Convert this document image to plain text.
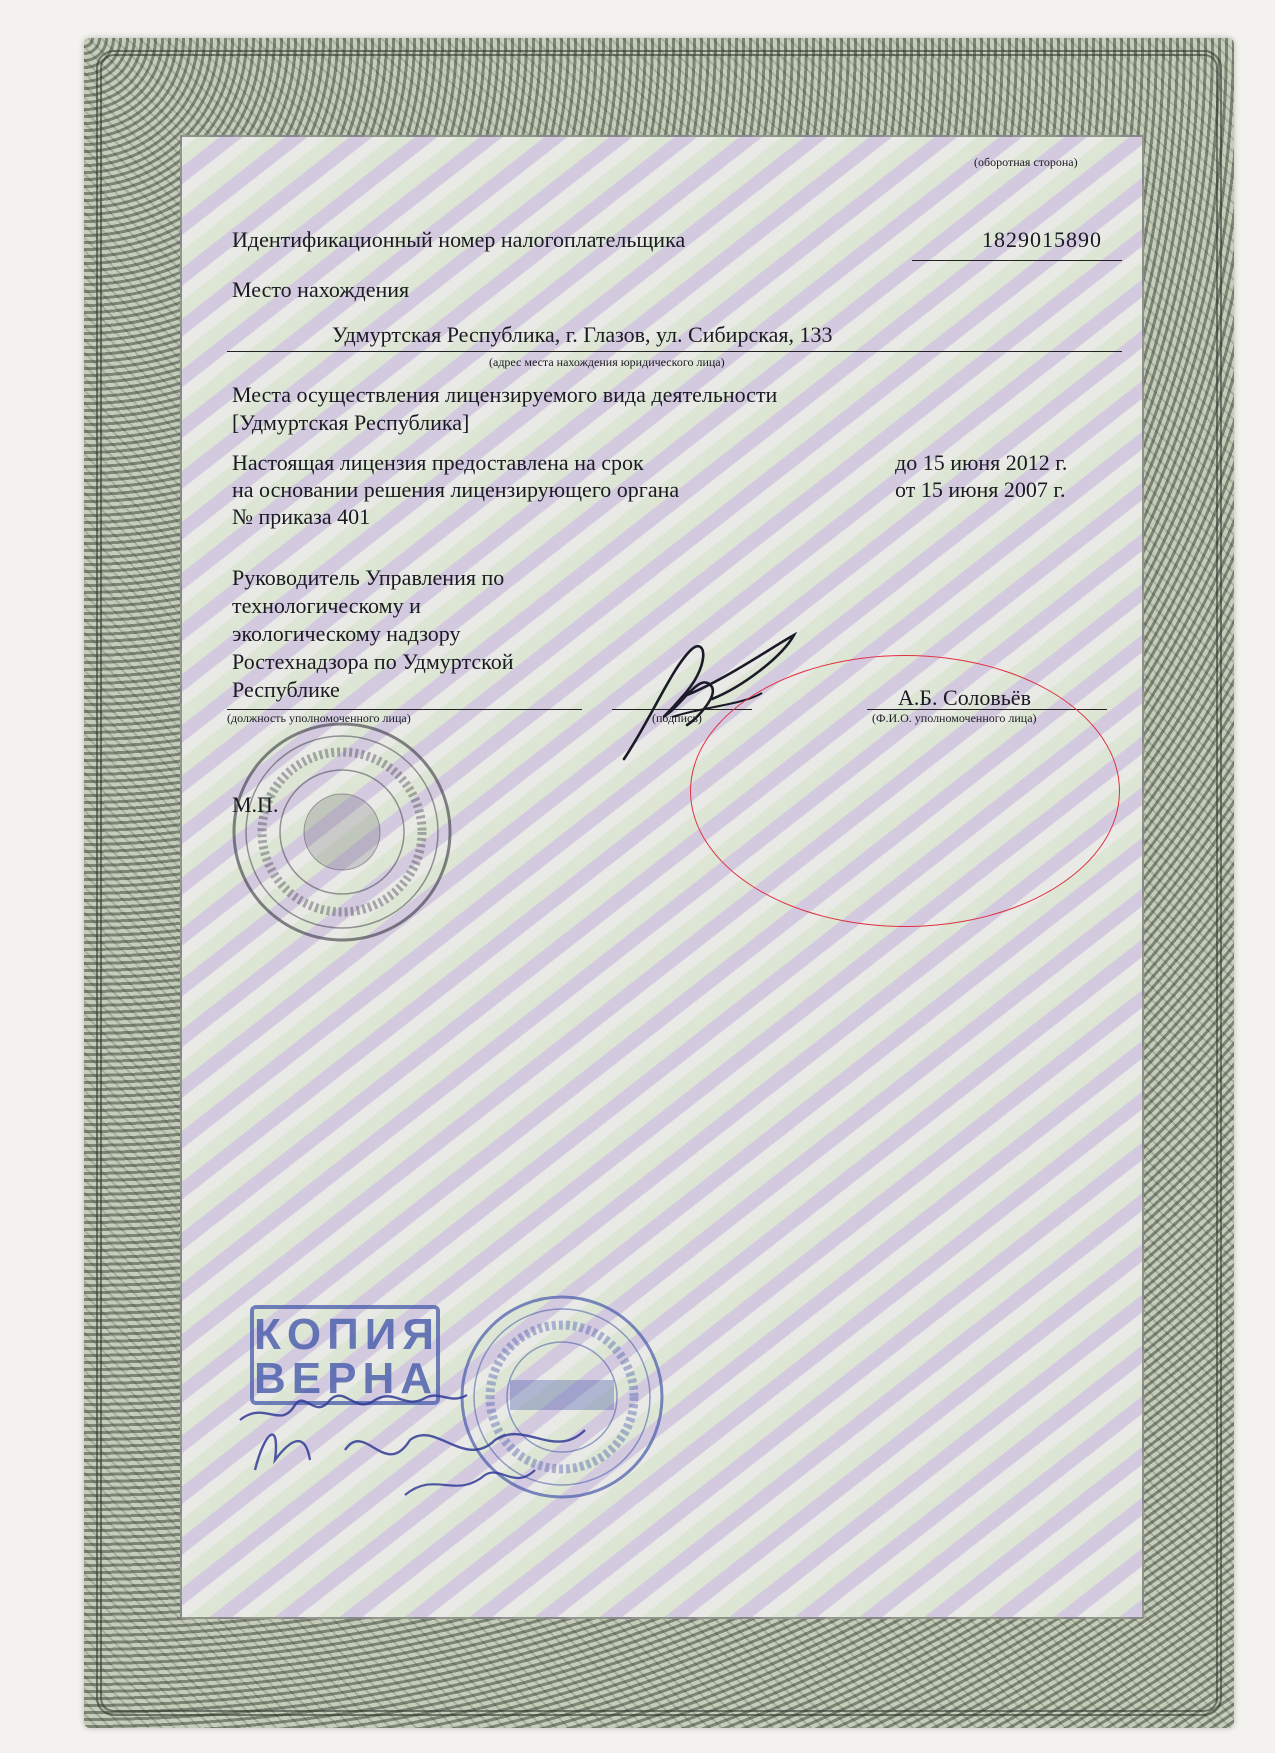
(оборотная сторона)
Идентификационный номер налогоплательщика	1829015890
Место нахождения
Удмуртская Республика, г. Глазов, ул. Сибирская, 133
(адрес места нахождения юридического лица)
Места осуществления лицензируемого вида деятельности
[Удмуртская Республика]
Настоящая лицензия предоставлена на срок	до 15 июня 2012 г.
на основании решения лицензирующего органа	от 15 июня 2007 г.
№ приказа 401
Руководитель Управления по
технологическому и
экологическому надзору
Ростехнадзора по Удмуртской
Республике
(должность уполномоченного лица)	(подпись)
А.Б. Соловьёв
(Ф.И.О. уполномоченного лица)
М.П.
КОПИЯ
ВЕРНА
